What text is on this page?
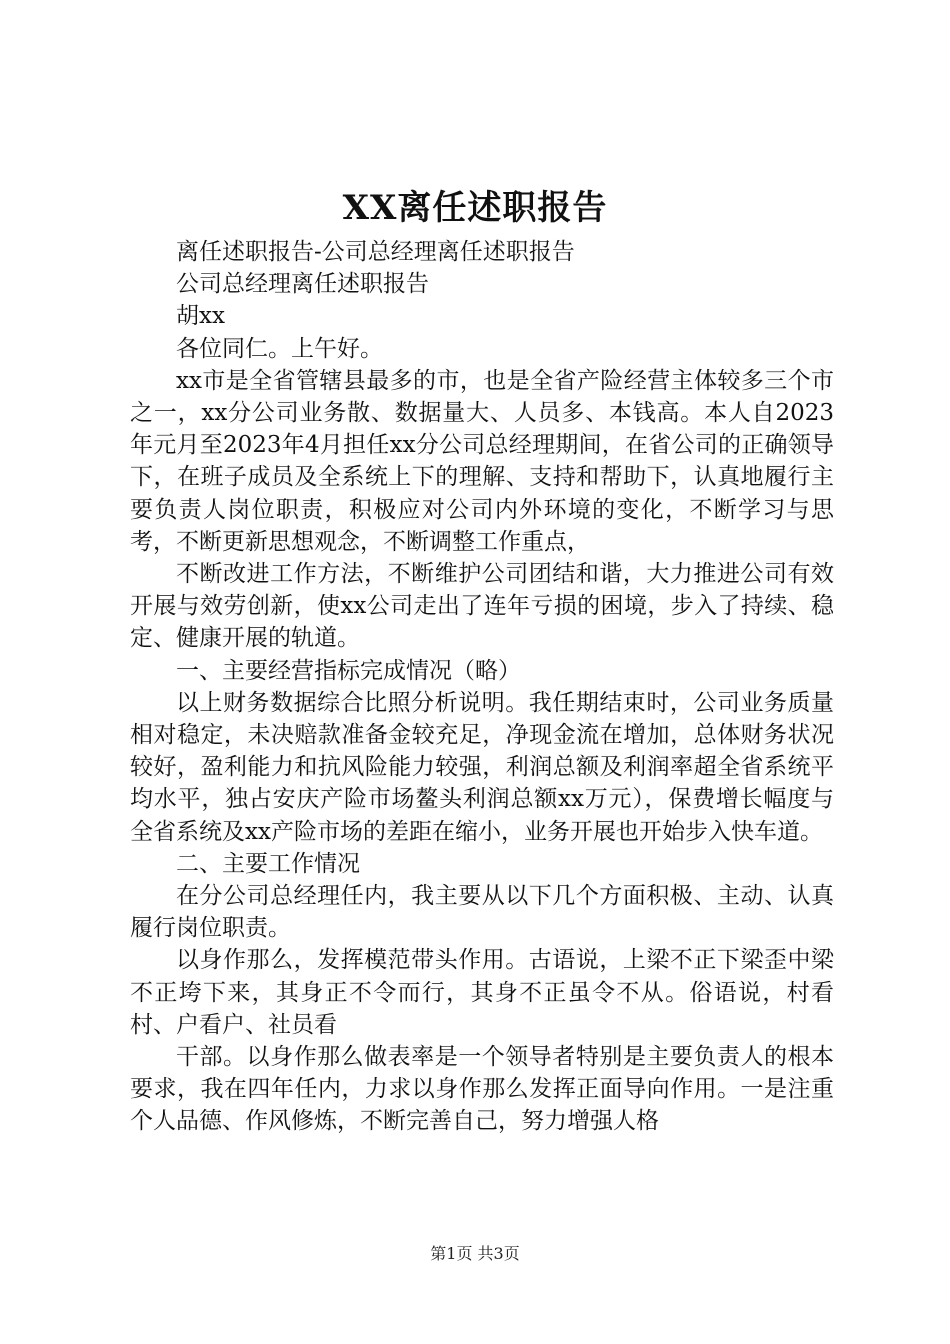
XX离任述职报告

离任述职报告-公司总经理离任述职报告

公司总经理离任述职报告

胡xx

各位同仁。上午好。

xx市是全省管辖县最多的市，也是全省产险经营主体较多三个市之一，xx分公司业务散、数据量大、人员多、本钱高。本人自2023年元月至2023年4月担任xx分公司总经理期间，在省公司的正确领导下，在班子成员及全系统上下的理解、支持和帮助下，认真地履行主要负责人岗位职责，积极应对公司内外环境的变化，不断学习与思考，不断更新思想观念，不断调整工作重点，

不断改进工作方法，不断维护公司团结和谐，大力推进公司有效开展与效劳创新，使xx公司走出了连年亏损的困境，步入了持续、稳定、健康开展的轨道。

一、主要经营指标完成情况（略）

以上财务数据综合比照分析说明。我任期结束时，公司业务质量相对稳定，未决赔款准备金较充足，净现金流在增加，总体财务状况较好，盈利能力和抗风险能力较强，利润总额及利润率超全省系统平均水平，独占安庆产险市场鳌头利润总额xx万元），保费增长幅度与全省系统及xx产险市场的差距在缩小，业务开展也开始步入快车道。

二、主要工作情况

在分公司总经理任内，我主要从以下几个方面积极、主动、认真履行岗位职责。

以身作那么，发挥模范带头作用。古语说，上梁不正下梁歪中梁不正垮下来，其身正不令而行，其身不正虽令不从。俗语说，村看村、户看户、社员看

干部。以身作那么做表率是一个领导者特别是主要负责人的根本要求，我在四年任内，力求以身作那么发挥正面导向作用。一是注重个人品德、作风修炼，不断完善自己，努力增强人格

第1页 共3页
